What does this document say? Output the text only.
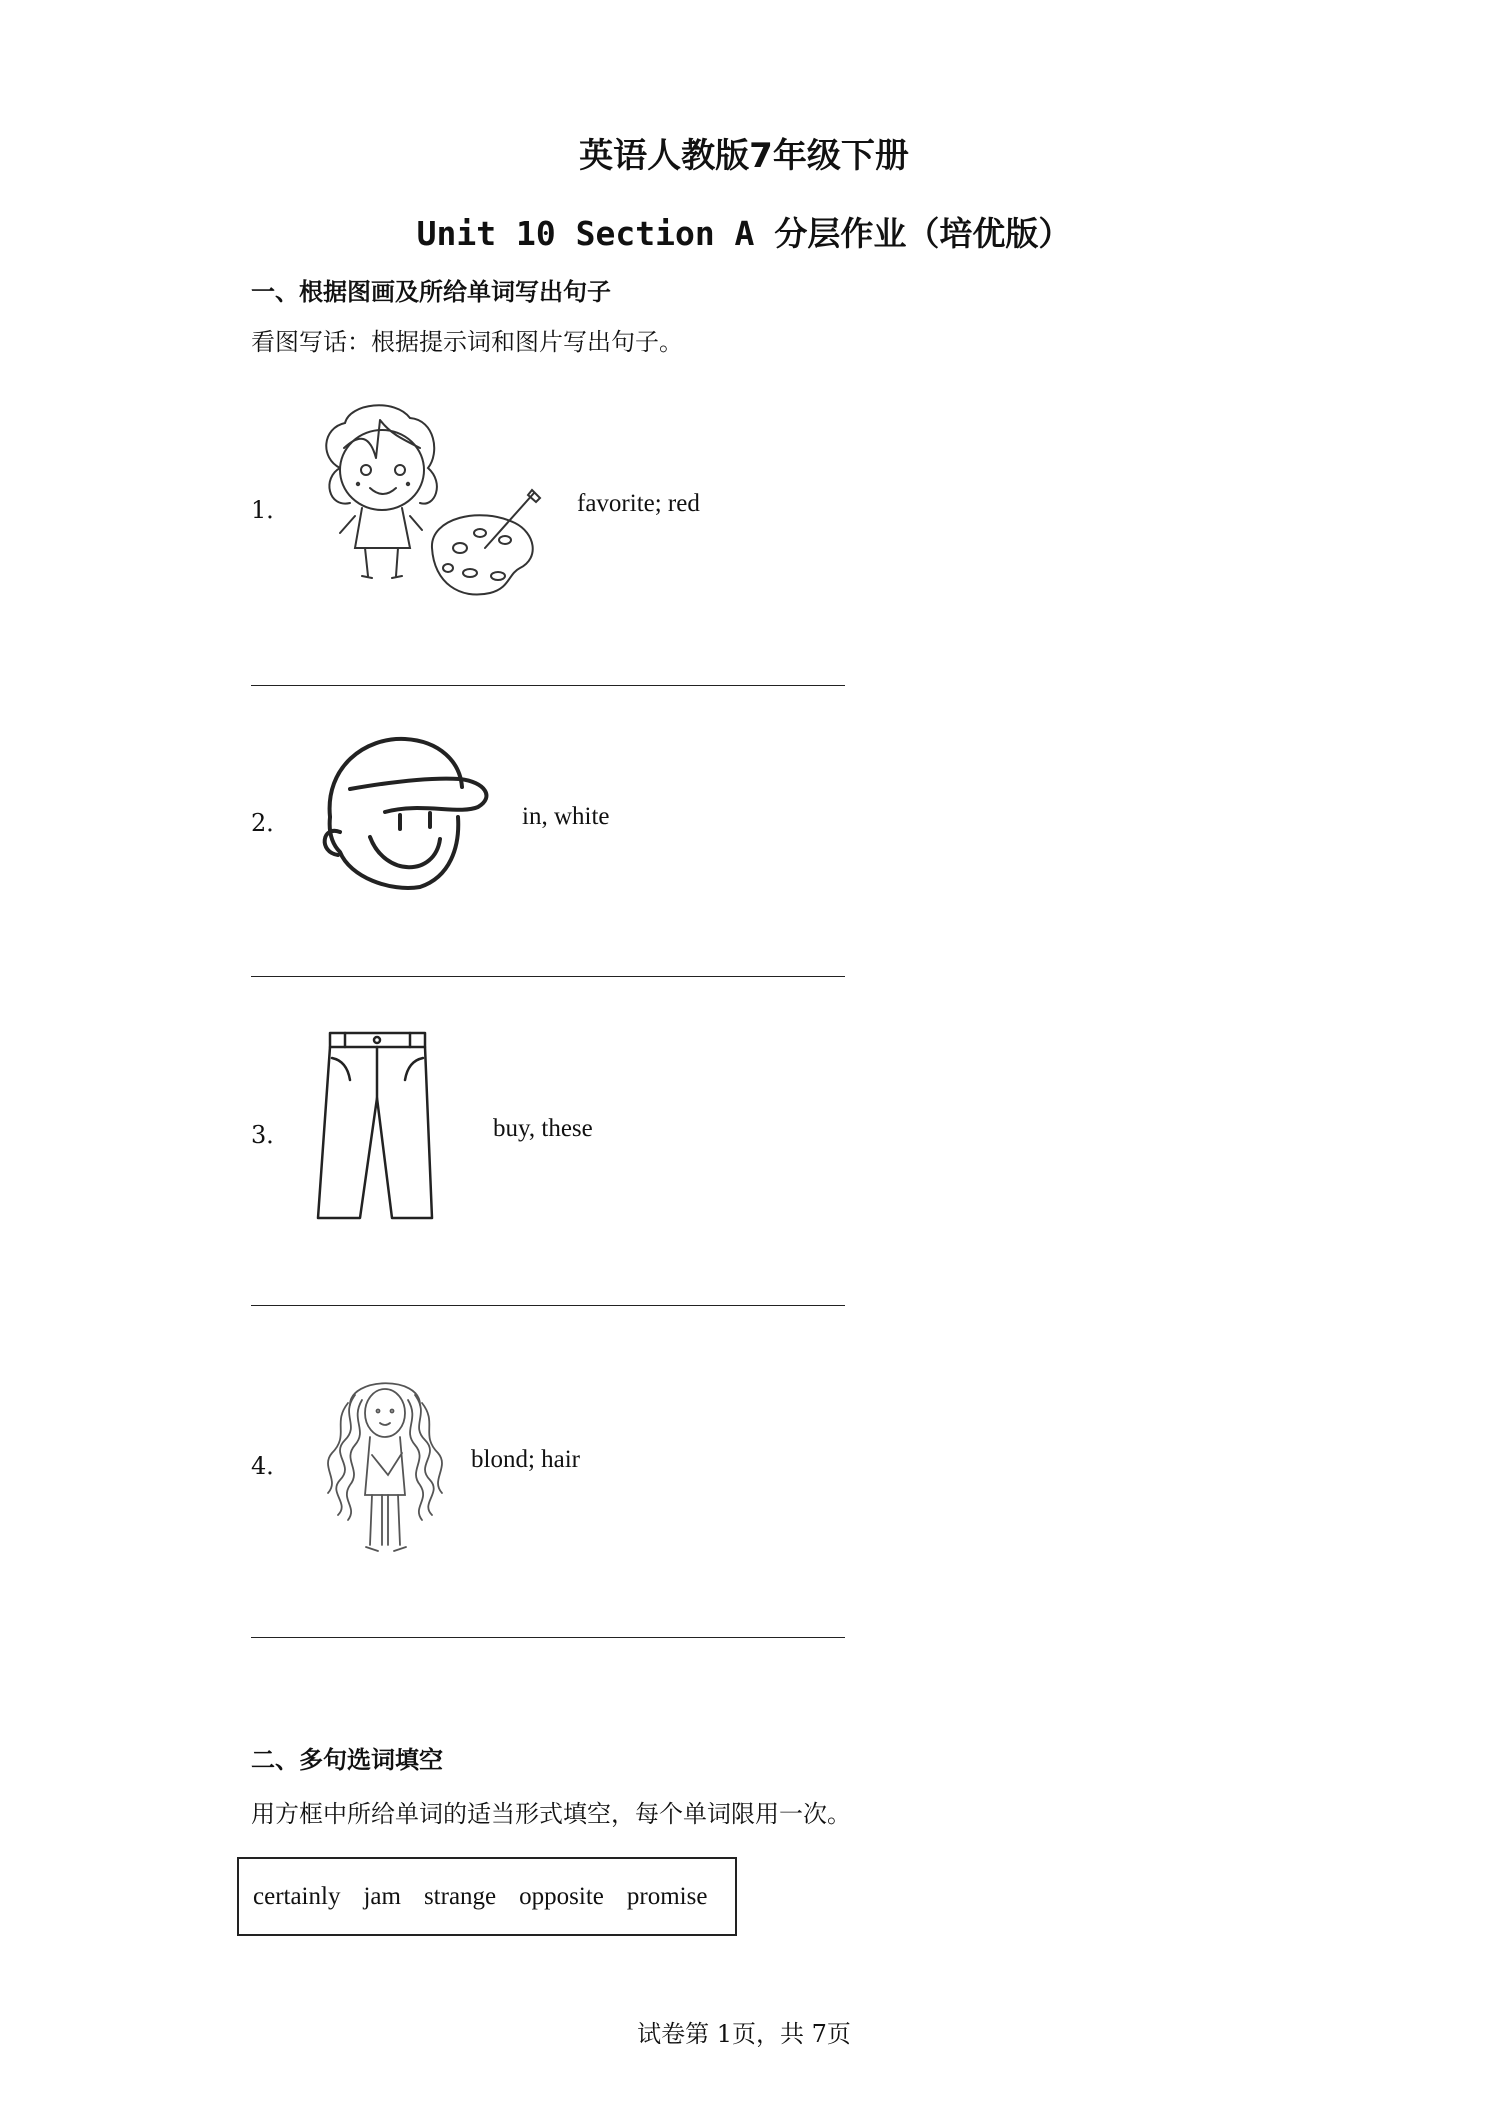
英语人教版7年级下册
Unit 10 Section A 分层作业（培优版）
一、根据图画及所给单词写出句子
看图写话：根据提示词和图片写出句子。
1．	favorite; red
2．	in, white
3．	buy, these
4．	blond; hair
二、多句选词填空
用方框中所给单词的适当形式填空，每个单词限用一次。
certainly jam strange opposite promise
试卷第 1页，共 7页
